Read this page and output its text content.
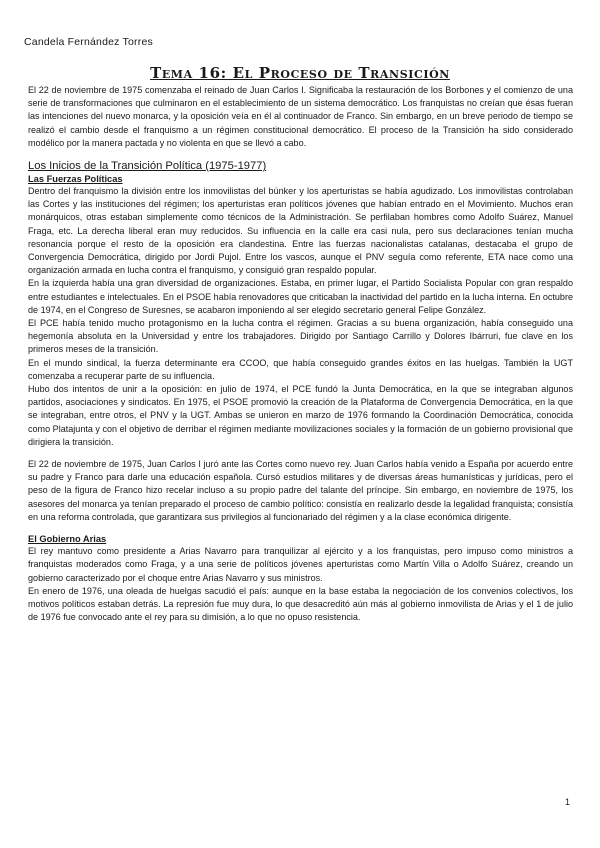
Candela Fernández Torres
Tema 16: El Proceso de Transición

El 22 de noviembre de 1975 comenzaba el reinado de Juan Carlos I. Significaba la restauración de los Borbones y el comienzo de una serie de transformaciones que culminaron en el establecimiento de un sistema democrático. Los franquistas no creían que ésas fueran las intenciones del nuevo monarca, y la oposición veía en él al continuador de Franco. Sin embargo, en un breve periodo de tiempo se realizó el cambio desde el franquismo a un régimen constitucional democrático. El proceso de la Transición ha sido considerado modélico por la manera pactada y no violenta en que se llevó a cabo.

Los Inicios de la Transición Política (1975-1977)
Las Fuerzas Políticas

Dentro del franquismo la división entre los inmovilistas del búnker y los aperturistas se había agudizado. Los inmovilistas controlaban las Cortes y las instituciones del régimen; los aperturistas eran políticos jóvenes que habían entrado en el Movimiento. Muchos eran monárquicos, otras estaban simplemente como técnicos de la Administración. Se perfilaban hombres como Adolfo Suárez, Manuel Fraga, etc. La derecha liberal eran muy reducidos. Su influencia en la calle era casi nula, pero sus declaraciones tenían mucha resonancia porque el resto de la oposición era clandestina. Entre las fuerzas nacionalistas catalanas, destacaba el grupo de Convergencia Democrática, dirigido por Jordi Pujol. Entre los vascos, aunque el PNV seguía como referente, ETA nace como una organización armada en lucha contra el franquismo, y consiguió gran respaldo popular.

En la izquierda había una gran diversidad de organizaciones. Estaba, en primer lugar, el Partido Socialista Popular con gran respaldo entre estudiantes e intelectuales. En el PSOE había renovadores que criticaban la inactividad del partido en la lucha interna. En octubre de 1974, en el Congreso de Suresnes, se acabaron imponiendo al ser elegido secretario general Felipe González.

El PCE había tenido mucho protagonismo en la lucha contra el régimen. Gracias a su buena organización, había conseguido una hegemonía absoluta en la Universidad y entre los trabajadores. Dirigido por Santiago Carrillo y Dolores Ibárruri, fue clave en los primeros meses de la transición.

En el mundo sindical, la fuerza determinante era CCOO, que había conseguido grandes éxitos en las huelgas. También la UGT comenzaba a recuperar parte de su influencia.

Hubo dos intentos de unir a la oposición: en julio de 1974, el PCE fundó la Junta Democrática, en la que se integraban algunos partidos, asociaciones y sindicatos. En 1975, el PSOE promovió la creación de la Plataforma de Convergencia Democrática, en la que se integraban, entre otros, el PNV y la UGT. Ambas se unieron en marzo de 1976 formando la Coordinación Democrática, conocida como Platajunta y con el objetivo de derribar el régimen mediante movilizaciones sociales y la formación de un gobierno provisional que dirigiera la transición.

El 22 de noviembre de 1975, Juan Carlos I juró ante las Cortes como nuevo rey. Juan Carlos había venido a España por acuerdo entre su padre y Franco para darle una educación española. Cursó estudios militares y de diversas áreas humanísticas y jurídicas, pero el peso de la figura de Franco hizo recelar incluso a su propio padre del talante del príncipe. Sin embargo, en noviembre de 1975, los asesores del monarca ya tenían preparado el proceso de cambio político: consistía en realizarlo desde la legalidad franquista; consistía en una reforma controlada, que garantizara sus privilegios al funcionariado del régimen y a la clase económica dirigente.

El Gobierno Arias

El rey mantuvo como presidente a Arias Navarro para tranquilizar al ejército y a los franquistas, pero impuso como ministros a franquistas moderados como Fraga, y a una serie de políticos jóvenes aperturistas como Martín Villa o Adolfo Suárez, creando un gobierno caracterizado por el choque entre Arias Navarro y sus ministros.

En enero de 1976, una oleada de huelgas sacudió el país: aunque en la base estaba la negociación de los convenios colectivos, los motivos políticos estaban detrás. La represión fue muy dura, lo que desacreditó aún más al gobierno inmovilista de Arias y el 1 de julio de 1976 fue convocado ante el rey para su dimisión, a lo que no opuso resistencia.

1
